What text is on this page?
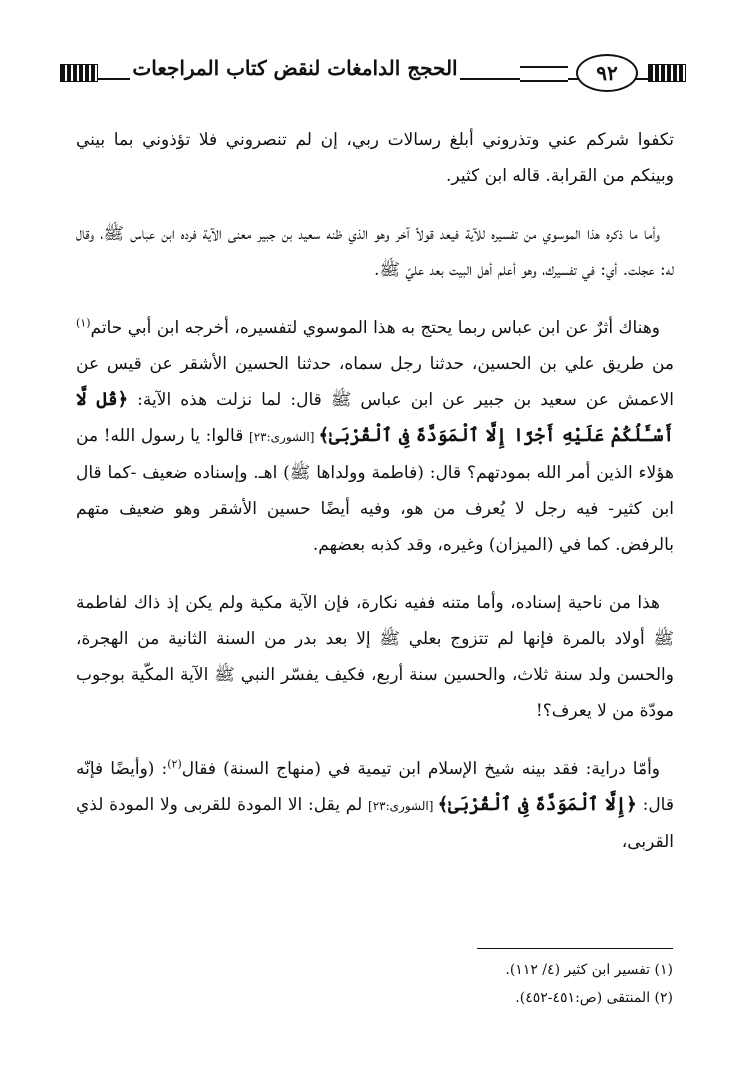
٩٢
الحجج الدامغات لنقض كتاب المراجعات

تكفوا شركم عني وتذروني أبلغ رسالات ربي، إن لم تنصروني فلا تؤذوني بما بيني وبينكم من القرابة. قاله ابن كثير.

وأما ما ذكره هذا الموسوي من تفسيره للآية فيعد قولاً آخر وهو الذي ظنه سعيد بن جبير معنى الآية فرده ابن عباس ﷺ، وقال له: عجلت. أي: في تفسيرك، وهو أعلم أهل البيت بعد عليّ ﷺ.

وهناك أثرٌ عن ابن عباس ربما يحتج به هذا الموسوي لتفسيره، أخرجه ابن أبي حاتم$^{(١)}$ من طريق علي بن الحسين، حدثنا رجل سماه، حدثنا الحسين الأشقر عن قيس عن الاعمش عن سعيد بن جبير عن ابن عباس ﷺ قال: لما نزلت هذه الآية: ﴿قُل لَّا أَسْـَٔلُكُمْ عَلَيْهِ أَجْرًا إِلَّا ٱلْمَوَدَّةَ فِى ٱلْقُرْبَىٰ﴾ [الشورى:٢٣] قالوا: يا رسول الله! من هؤلاء الذين أمر الله بمودتهم؟ قال: (فاطمة وولداها ﷺ) اهـ. وإسناده ضعيف -كما قال ابن كثير- فيه رجل لا يُعرف من هو، وفيه أيضًا حسين الأشقر وهو ضعيف متهم بالرفض. كما في (الميزان) وغيره، وقد كذبه بعضهم.

هذا من ناحية إسناده، وأما متنه ففيه نكارة، فإن الآية مكية ولم يكن إذ ذاك لفاطمة ﷺ أولاد بالمرة فإنها لم تتزوج بعلي ﷺ إلا بعد بدر من السنة الثانية من الهجرة، والحسن ولد سنة ثلاث، والحسين سنة أربع، فكيف يفسّر النبي ﷺ الآية المكّية بوجوب مودّة من لا يعرف؟!

وأمّا دراية: فقد بينه شيخ الإسلام ابن تيمية في (منهاج السنة) فقال$^{(٢)}$: (وأيضًا فإنّه قال: ﴿إِلَّا ٱلْمَوَدَّةَ فِى ٱلْقُرْبَىٰ﴾ [الشورى:٢٣] لم يقل: الا المودة للقربى ولا المودة لذي القربى،

(١) تفسير ابن كثير (٤/ ١١٢).
(٢) المنتقى (ص:٤٥١-٤٥٢).
